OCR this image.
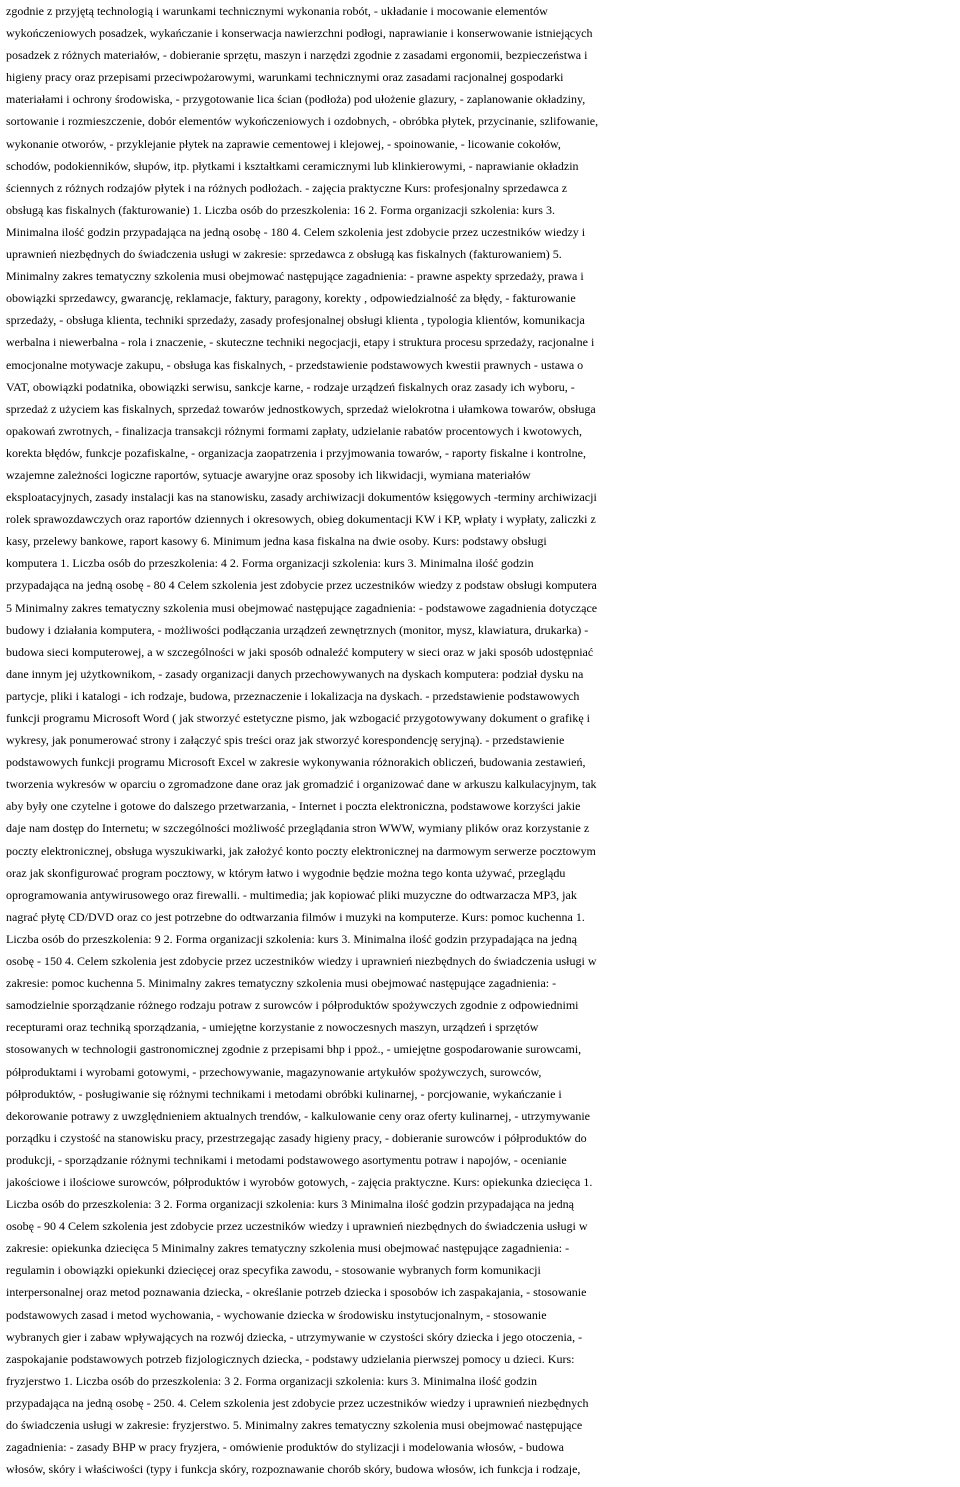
zgodnie z przyjętą technologią i warunkami technicznymi wykonania robót, - układanie i mocowanie elementów

wykończeniowych posadzek, wykańczanie i konserwacja nawierzchni podłogi, naprawianie i konserwowanie istniejących

posadzek z różnych materiałów, - dobieranie sprzętu, maszyn i narzędzi zgodnie z zasadami ergonomii, bezpieczeństwa i

higieny pracy oraz przepisami przeciwpożarowymi, warunkami technicznymi oraz zasadami racjonalnej gospodarki

materiałami i ochrony środowiska, - przygotowanie lica ścian (podłoża) pod ułożenie glazury, - zaplanowanie okładziny,

sortowanie i rozmieszczenie, dobór elementów wykończeniowych i ozdobnych, - obróbka płytek, przycinanie, szlifowanie,

wykonanie otworów, - przyklejanie płytek na zaprawie cementowej i klejowej, - spoinowanie, - licowanie cokołów,

schodów, podokienników, słupów, itp. płytkami i kształtkami ceramicznymi lub klinkierowymi, - naprawianie okładzin

ściennych z różnych rodzajów płytek i na różnych podłożach. - zajęcia praktyczne Kurs: profesjonalny sprzedawca z

obsługą kas fiskalnych (fakturowanie) 1. Liczba osób do przeszkolenia: 16 2. Forma organizacji szkolenia: kurs 3.

Minimalna ilość godzin przypadająca na jedną osobę - 180 4. Celem szkolenia jest zdobycie przez uczestników wiedzy i

uprawnień niezbędnych do świadczenia usługi w zakresie: sprzedawca z obsługą kas fiskalnych (fakturowaniem) 5.

Minimalny zakres tematyczny szkolenia musi obejmować następujące zagadnienia: - prawne aspekty sprzedaży, prawa i

obowiązki sprzedawcy, gwarancję, reklamacje, faktury, paragony, korekty , odpowiedzialność za błędy, - fakturowanie

sprzedaży, - obsługa klienta, techniki sprzedaży, zasady profesjonalnej obsługi klienta , typologia klientów, komunikacja

werbalna i niewerbalna - rola i znaczenie, - skuteczne techniki negocjacji, etapy i struktura procesu sprzedaży, racjonalne i

emocjonalne motywacje zakupu, - obsługa kas fiskalnych, - przedstawienie podstawowych kwestii prawnych - ustawa o

VAT, obowiązki podatnika, obowiązki serwisu, sankcje karne, - rodzaje urządzeń fiskalnych oraz zasady ich wyboru, -

sprzedaż z użyciem kas fiskalnych, sprzedaż towarów jednostkowych, sprzedaż wielokrotna i ułamkowa towarów, obsługa

opakowań zwrotnych, - finalizacja transakcji różnymi formami zapłaty, udzielanie rabatów procentowych i kwotowych,

korekta błędów, funkcje pozafiskalne, - organizacja zaopatrzenia i przyjmowania towarów, - raporty fiskalne i kontrolne,

wzajemne zależności logiczne raportów, sytuacje awaryjne oraz sposoby ich likwidacji, wymiana materiałów

eksploatacyjnych, zasady instalacji kas na stanowisku, zasady archiwizacji dokumentów księgowych -terminy archiwizacji

rolek sprawozdawczych oraz raportów dziennych i okresowych, obieg dokumentacji KW i KP, wpłaty i wypłaty, zaliczki z

kasy, przelewy bankowe, raport kasowy 6. Minimum jedna kasa fiskalna na dwie osoby. Kurs: podstawy obsługi

komputera 1. Liczba osób do przeszkolenia: 4 2. Forma organizacji szkolenia: kurs 3. Minimalna ilość godzin

przypadająca na jedną osobę - 80 4 Celem szkolenia jest zdobycie przez uczestników wiedzy z podstaw obsługi komputera

5 Minimalny zakres tematyczny szkolenia musi obejmować następujące zagadnienia: - podstawowe zagadnienia dotyczące

budowy i działania komputera, - możliwości podłączania urządzeń zewnętrznych (monitor, mysz, klawiatura, drukarka) -

budowa sieci komputerowej, a w szczególności w jaki sposób odnaleźć komputery w sieci oraz w jaki sposób udostępniać

dane innym jej użytkownikom, - zasady organizacji danych przechowywanych na dyskach komputera: podział dysku na

partycje, pliki i katalogi - ich rodzaje, budowa, przeznaczenie i lokalizacja na dyskach. - przedstawienie podstawowych

funkcji programu Microsoft Word ( jak stworzyć estetyczne pismo, jak wzbogacić przygotowywany dokument o grafikę i

wykresy, jak ponumerować strony i załączyć spis treści oraz jak stworzyć korespondencję seryjną). - przedstawienie

podstawowych funkcji programu Microsoft Excel w zakresie wykonywania różnorakich obliczeń, budowania zestawień,

tworzenia wykresów w oparciu o zgromadzone dane oraz jak gromadzić i organizować dane w arkuszu kalkulacyjnym, tak

aby były one czytelne i gotowe do dalszego przetwarzania, - Internet i poczta elektroniczna, podstawowe korzyści jakie

daje nam dostęp do Internetu; w szczególności możliwość przeglądania stron WWW, wymiany plików oraz korzystanie z

poczty elektronicznej, obsługa wyszukiwarki, jak założyć konto poczty elektronicznej na darmowym serwerze pocztowym

oraz jak skonfigurować program pocztowy, w którym łatwo i wygodnie będzie można tego konta używać, przeglądu

oprogramowania antywirusowego oraz firewalli. - multimedia; jak kopiować pliki muzyczne do odtwarzacza MP3, jak

nagrać płytę CD/DVD oraz co jest potrzebne do odtwarzania filmów i muzyki na komputerze. Kurs: pomoc kuchenna 1.

Liczba osób do przeszkolenia: 9 2. Forma organizacji szkolenia: kurs 3. Minimalna ilość godzin przypadająca na jedną

osobę - 150 4. Celem szkolenia jest zdobycie przez uczestników wiedzy i uprawnień niezbędnych do świadczenia usługi w

zakresie: pomoc kuchenna 5. Minimalny zakres tematyczny szkolenia musi obejmować następujące zagadnienia: -

samodzielnie sporządzanie różnego rodzaju potraw z surowców i półproduktów spożywczych zgodnie z odpowiednimi

recepturami oraz techniką sporządzania, - umiejętne korzystanie z nowoczesnych maszyn, urządzeń i sprzętów

stosowanych w technologii gastronomicznej zgodnie z przepisami bhp i ppoż., - umiejętne gospodarowanie surowcami,

półproduktami i wyrobami gotowymi, - przechowywanie, magazynowanie artykułów spożywczych, surowców,

półproduktów, - posługiwanie się różnymi technikami i metodami obróbki kulinarnej, - porcjowanie, wykańczanie i

dekorowanie potrawy z uwzględnieniem aktualnych trendów, - kalkulowanie ceny oraz oferty kulinarnej, - utrzymywanie

porządku i czystość na stanowisku pracy, przestrzegając zasady higieny pracy, - dobieranie surowców i półproduktów do

produkcji, - sporządzanie różnymi technikami i metodami podstawowego asortymentu potraw i napojów, - ocenianie

jakościowe i ilościowe surowców, półproduktów i wyrobów gotowych, - zajęcia praktyczne. Kurs: opiekunka dziecięca 1.

Liczba osób do przeszkolenia: 3 2. Forma organizacji szkolenia: kurs 3 Minimalna ilość godzin przypadająca na jedną

osobę - 90 4 Celem szkolenia jest zdobycie przez uczestników wiedzy i uprawnień niezbędnych do świadczenia usługi w

zakresie: opiekunka dziecięca 5 Minimalny zakres tematyczny szkolenia musi obejmować następujące zagadnienia: -

regulamin i obowiązki opiekunki dziecięcej oraz specyfika zawodu, - stosowanie wybranych form komunikacji

interpersonalnej oraz metod poznawania dziecka, - określanie potrzeb dziecka i sposobów ich zaspakajania, - stosowanie

podstawowych zasad i metod wychowania, - wychowanie dziecka w środowisku instytucjonalnym, - stosowanie

wybranych gier i zabaw wpływających na rozwój dziecka, - utrzymywanie w czystości skóry dziecka i jego otoczenia, -

zaspokajanie podstawowych potrzeb fizjologicznych dziecka, - podstawy udzielania pierwszej pomocy u dzieci. Kurs:

fryzjerstwo 1. Liczba osób do przeszkolenia: 3 2. Forma organizacji szkolenia: kurs 3. Minimalna ilość godzin

przypadająca na jedną osobę - 250. 4. Celem szkolenia jest zdobycie przez uczestników wiedzy i uprawnień niezbędnych

do świadczenia usługi w zakresie: fryzjerstwo. 5. Minimalny zakres tematyczny szkolenia musi obejmować następujące

zagadnienia: - zasady BHP w pracy fryzjera, - omówienie produktów do stylizacji i modelowania włosów, - budowa

włosów, skóry i właściwości (typy i funkcja skóry, rozpoznawanie chorób skóry, budowa włosów, ich funkcja i rodzaje,
